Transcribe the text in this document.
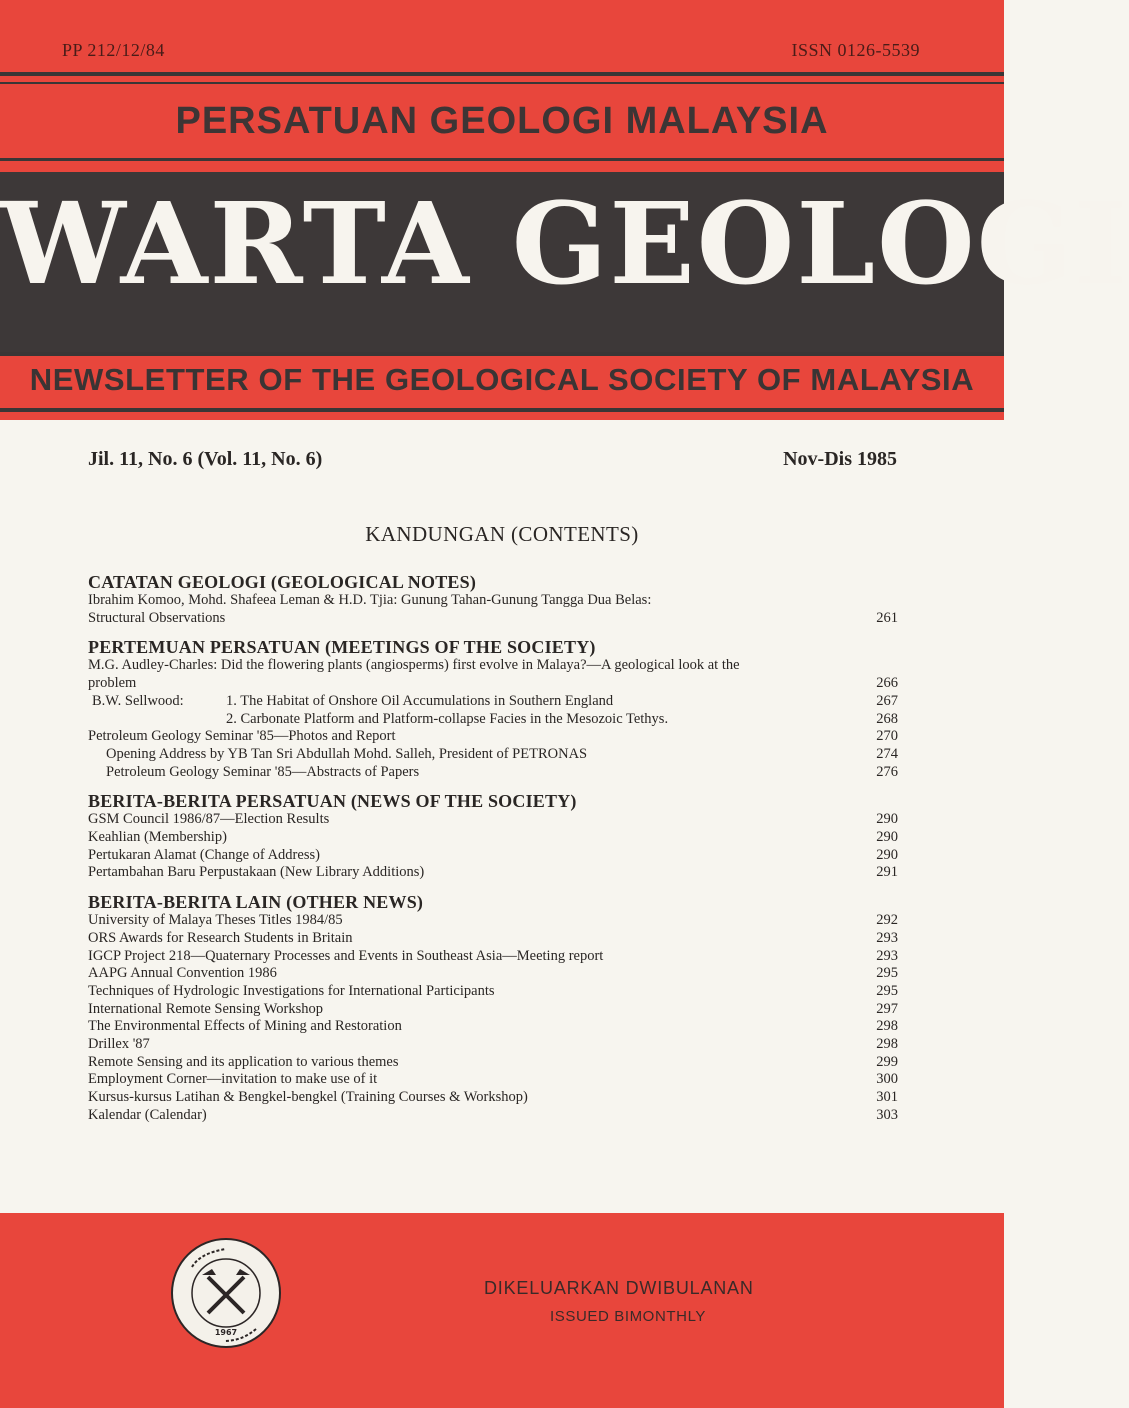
PP 212/12/84	ISSN 0126-5539
PERSATUAN GEOLOGI MALAYSIA
WARTA GEOLOGI
NEWSLETTER OF THE GEOLOGICAL SOCIETY OF MALAYSIA
Jil. 11, No. 6 (Vol. 11, No. 6)	Nov-Dis 1985
KANDUNGAN (CONTENTS)
CATATAN GEOLOGI (GEOLOGICAL NOTES)
Ibrahim Komoo, Mohd. Shafeea Leman & H.D. Tjia: Gunung Tahan-Gunung Tangga Dua Belas:
Structural Observations	261
PERTEMUAN PERSATUAN (MEETINGS OF THE SOCIETY)
M.G. Audley-Charles: Did the flowering plants (angiosperms) first evolve in Malaya?—A geological look at the
problem	266
B.W. Sellwood:	1. The Habitat of Onshore Oil Accumulations in Southern England	267
2. Carbonate Platform and Platform-collapse Facies in the Mesozoic Tethys.	268
Petroleum Geology Seminar '85—Photos and Report	270
Opening Address by YB Tan Sri Abdullah Mohd. Salleh, President of PETRONAS	274
Petroleum Geology Seminar '85—Abstracts of Papers	276
BERITA-BERITA PERSATUAN (NEWS OF THE SOCIETY)
GSM Council 1986/87—Election Results	290
Keahlian (Membership)	290
Pertukaran Alamat (Change of Address)	290
Pertambahan Baru Perpustakaan (New Library Additions)	291
BERITA-BERITA LAIN (OTHER NEWS)
University of Malaya Theses Titles 1984/85	292
ORS Awards for Research Students in Britain	293
IGCP Project 218—Quaternary Processes and Events in Southeast Asia—Meeting report	293
AAPG Annual Convention 1986	295
Techniques of Hydrologic Investigations for International Participants	295
International Remote Sensing Workshop	297
The Environmental Effects of Mining and Restoration	298
Drillex '87	298
Remote Sensing and its application to various themes	299
Employment Corner—invitation to make use of it	300
Kursus-kursus Latihan & Bengkel-bengkel (Training Courses & Workshop)	301
Kalendar (Calendar)	303
1967
DIKELUARKAN DWIBULANAN
ISSUED BIMONTHLY
